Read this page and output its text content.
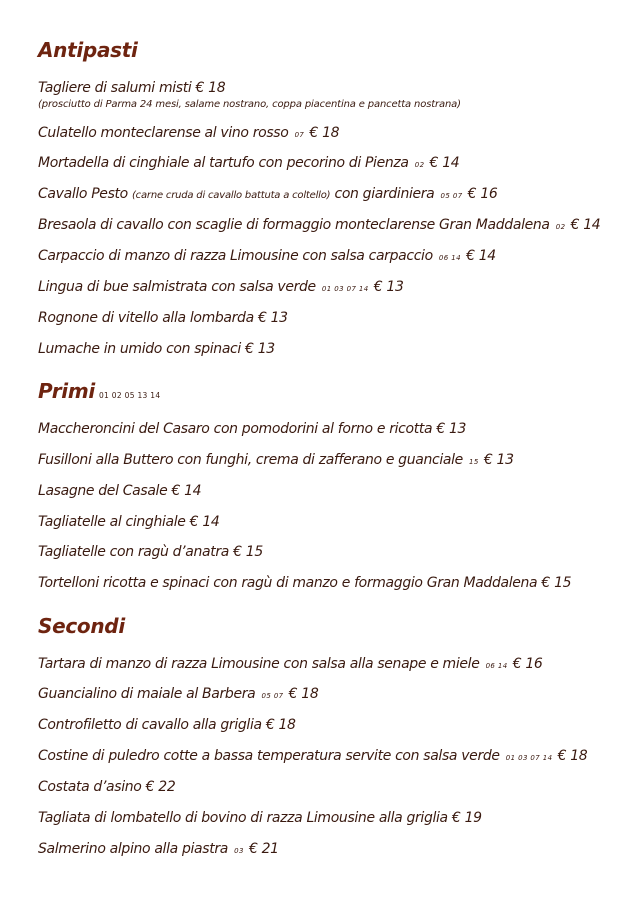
Antipasti
Tagliere di salumi misti € 18
(prosciutto di Parma 24 mesi, salame nostrano, coppa piacentina e pancetta nostrana)
Culatello monteclarense al vino rosso 07 € 18
Mortadella di cinghiale al tartufo con pecorino di Pienza 02 € 14
Cavallo Pesto (carne cruda di cavallo battuta a coltello) con giardiniera 05 07 € 16
Bresaola di cavallo con scaglie di formaggio monteclarense Gran Maddalena 02 € 14
Carpaccio di manzo di razza Limousine con salsa carpaccio 06 14 € 14
Lingua di bue salmistrata con salsa verde 01 03 07 14 € 13
Rognone di vitello alla lombarda € 13
Lumache in umido con spinaci € 13
Primi 01 02 05 13 14
Maccheroncini del Casaro con pomodorini al forno e ricotta € 13
Fusilloni alla Buttero con funghi, crema di zafferano e guanciale 15 € 13
Lasagne del Casale € 14
Tagliatelle al cinghiale € 14
Tagliatelle con ragù d’anatra € 15
Tortelloni ricotta e spinaci con ragù di manzo e formaggio Gran Maddalena € 15
Secondi
Tartara di manzo di razza Limousine con salsa alla senape e miele 06 14 € 16
Guancialino di maiale al Barbera 05 07 € 18
Controfiletto di cavallo alla griglia € 18
Costine di puledro cotte a bassa temperatura servite con salsa verde 01 03 07 14 € 18
Costata d’asino € 22
Tagliata di lombatello di bovino di razza Limousine alla griglia € 19
Salmerino alpino alla piastra 03 € 21
